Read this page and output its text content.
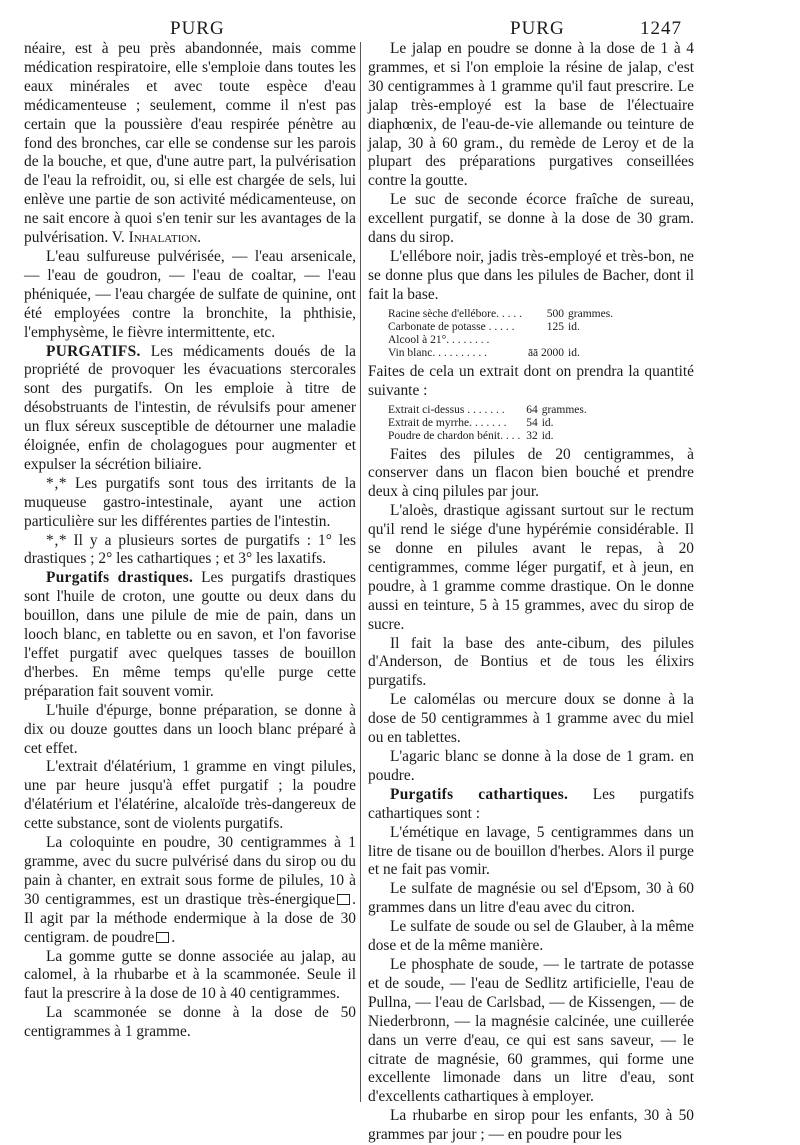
PURG	PURG	1247

néaire, est à peu près abandonnée, mais comme médication respiratoire, elle s'emploie dans toutes les eaux minérales et avec toute espèce d'eau médicamenteuse ; seulement, comme il n'est pas certain que la poussière d'eau respirée pénètre au fond des bronches, car elle se condense sur les parois de la bouche, et que, d'une autre part, la pulvérisation de l'eau la refroidit, ou, si elle est chargée de sels, lui enlève une partie de son activité médicamenteuse, on ne sait encore à quoi s'en tenir sur les avantages de la pulvérisation. V. Inhalation.

L'eau sulfureuse pulvérisée, — l'eau arsenicale, — l'eau de goudron, — l'eau de coaltar, — l'eau phéniquée, — l'eau chargée de sulfate de quinine, ont été employées contre la bronchite, la phthisie, l'emphysème, le fièvre intermittente, etc.

PURGATIFS. Les médicaments doués de la propriété de provoquer les évacuations stercorales sont des purgatifs. On les emploie à titre de désobstruants de l'intestin, de révulsifs pour amener un flux séreux susceptible de détourner une maladie éloignée, enfin de cholagogues pour augmenter et expulser la sécrétion biliaire.

*‚* Les purgatifs sont tous des irritants de la muqueuse gastro-intestinale, ayant une action particulière sur les différentes parties de l'intestin.

*‚* Il y a plusieurs sortes de purgatifs : 1° les drastiques ; 2° les cathartiques ; et 3° les laxatifs.

Purgatifs drastiques. Les purgatifs drastiques sont l'huile de croton, une goutte ou deux dans du bouillon, dans une pilule de mie de pain, dans un looch blanc, en tablette ou en savon, et l'on favorise l'effet purgatif avec quelques tasses de bouillon d'herbes. En même temps qu'elle purge cette préparation fait souvent vomir.

L'huile d'épurge, bonne préparation, se donne à dix ou douze gouttes dans un looch blanc préparé à cet effet.

L'extrait d'élatérium, 1 gramme en vingt pilules, une par heure jusqu'à effet purgatif ; la poudre d'élatérium et l'élatérine, alcaloïde très-dangereux de cette substance, sont de violents purgatifs.

La coloquinte en poudre, 30 centigrammes à 1 gramme, avec du sucre pulvérisé dans du sirop ou du pain à chanter, en extrait sous forme de pilules, 10 à 30 centigrammes, est un drastique très-énergique . Il agit par la méthode endermique à la dose de 30 centigram. de poudre .

La gomme gutte se donne associée au jalap, au calomel, à la rhubarbe et à la scammonée. Seule il faut la prescrire à la dose de 10 à 40 centigrammes.

La scammonée se donne à la dose de 50 centigrammes à 1 gramme.

Le jalap en poudre se donne à la dose de 1 à 4 grammes, et si l'on emploie la résine de jalap, c'est 30 centigrammes à 1 gramme qu'il faut prescrire. Le jalap très-employé est la base de l'électuaire diaphœnix, de l'eau-de-vie allemande ou teinture de jalap, 30 à 60 gram., du remède de Leroy et de la plupart des préparations purgatives conseillées contre la goutte.

Le suc de seconde écorce fraîche de sureau, excellent purgatif, se donne à la dose de 30 gram. dans du sirop.

L'ellébore noir, jadis très-employé et très-bon, ne se donne plus que dans les pilules de Bacher, dont il fait la base.

Racine sèche d'ellébore. . . . .	500	grammes.
Carbonate de potasse . . . . .	125	id.
Alcool à 21°. . . . . . . .		
Vin blanc. . . . . . . . . .	āā 2000	id.

Faites de cela un extrait dont on prendra la quantité suivante :

Extrait ci-dessus . . . . . . .	64	grammes.
Extrait de myrrhe. . . . . . .	54	id.
Poudre de chardon bénit. . . .	32	id.

Faites des pilules de 20 centigrammes, à conserver dans un flacon bien bouché et prendre deux à cinq pilules par jour.

L'aloès, drastique agissant surtout sur le rectum qu'il rend le siége d'une hypérémie considérable. Il se donne en pilules avant le repas, à 20 centigrammes, comme léger purgatif, et à jeun, en poudre, à 1 gramme comme drastique. On le donne aussi en teinture, 5 à 15 grammes, avec du sirop de sucre.

Il fait la base des ante-cibum, des pilules d'Anderson, de Bontius et de tous les élixirs purgatifs.

Le calomélas ou mercure doux se donne à la dose de 50 centigrammes à 1 gramme avec du miel ou en tablettes.

L'agaric blanc se donne à la dose de 1 gram. en poudre.

Purgatifs cathartiques. Les purgatifs cathartiques sont :

L'émétique en lavage, 5 centigrammes dans un litre de tisane ou de bouillon d'herbes. Alors il purge et ne fait pas vomir.

Le sulfate de magnésie ou sel d'Epsom, 30 à 60 grammes dans un litre d'eau avec du citron.

Le sulfate de soude ou sel de Glauber, à la même dose et de la même manière.

Le phosphate de soude, — le tartrate de potasse et de soude, — l'eau de Sedlitz artificielle, l'eau de Pullna, — l'eau de Carlsbad, — de Kissengen, — de Niederbronn, — la magnésie calcinée, une cuillerée dans un verre d'eau, ce qui est sans saveur, — le citrate de magnésie, 60 grammes, qui forme une excellente limonade dans un litre d'eau, sont d'excellents cathartiques à employer.

La rhubarbe en sirop pour les enfants, 30 à 50 grammes par jour ; — en poudre pour les
